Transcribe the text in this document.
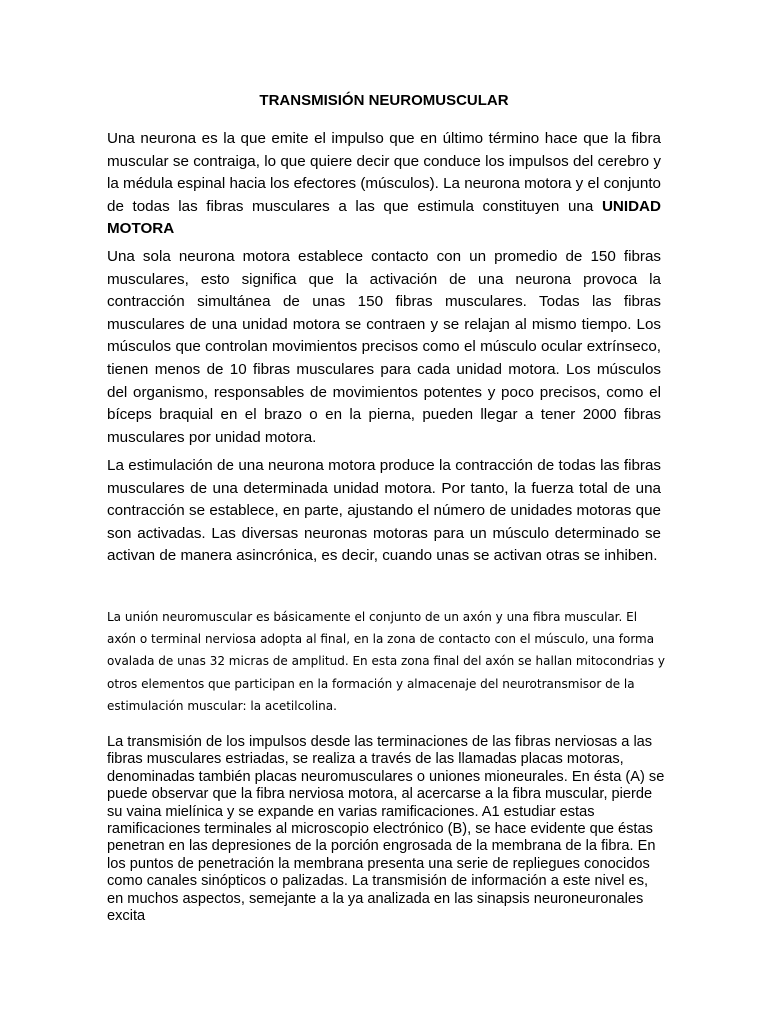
TRANSMISIÓN NEUROMUSCULAR

Una neurona es la que emite el impulso que en último término hace que la fibra muscular se contraiga, lo que quiere decir que conduce los impulsos del cerebro y la médula espinal hacia los efectores (músculos). La neurona motora y el conjunto de todas las fibras musculares a las que estimula constituyen una UNIDAD MOTORA

Una sola neurona motora establece contacto con un promedio de 150 fibras musculares, esto significa que la activación de una neurona provoca la contracción simultánea de unas 150 fibras musculares. Todas las fibras musculares de una unidad motora se contraen y se relajan al mismo tiempo. Los músculos que controlan movimientos precisos como el músculo ocular extrínseco, tienen menos de 10 fibras musculares para cada unidad motora. Los músculos del organismo, responsables de movimientos potentes y poco precisos, como el bíceps braquial en el brazo o en la pierna, pueden llegar a tener 2000 fibras musculares por unidad motora.

La estimulación de una neurona motora produce la contracción de todas las fibras musculares de una determinada unidad motora. Por tanto, la fuerza total de una contracción se establece, en parte, ajustando el número de unidades motoras que son activadas. Las diversas neuronas motoras para un músculo determinado se activan de manera asincrónica, es decir, cuando unas se activan otras se inhiben.

La unión neuromuscular es básicamente el conjunto de un axón y una fibra muscular. El axón o terminal nerviosa adopta al final, en la zona de contacto con el músculo, una forma ovalada de unas 32 micras de amplitud. En esta zona final del axón se hallan mitocondrias y otros elementos que participan en la formación y almacenaje del neurotransmisor de la estimulación muscular: la acetilcolina.

La transmisión de los impulsos desde las terminaciones de las fibras nerviosas a las fibras musculares estriadas, se realiza a través de las llamadas placas motoras, denominadas también placas neuromusculares o uniones mioneurales. En ésta (A) se puede observar que la fibra nerviosa motora, al acercarse a la fibra muscular, pierde su vaina mielínica y se expande en varias ramificaciones. A1 estudiar estas ramificaciones terminales al microscopio electrónico (B), se hace evidente que éstas penetran en las depresiones de la porción engrosada de la membrana de la fibra. En los puntos de penetración la membrana presenta una serie de repliegues conocidos como canales sinópticos o palizadas. La transmisión de información a este nivel es, en muchos aspectos, semejante a la ya analizada en las sinapsis neuroneuronales excita
